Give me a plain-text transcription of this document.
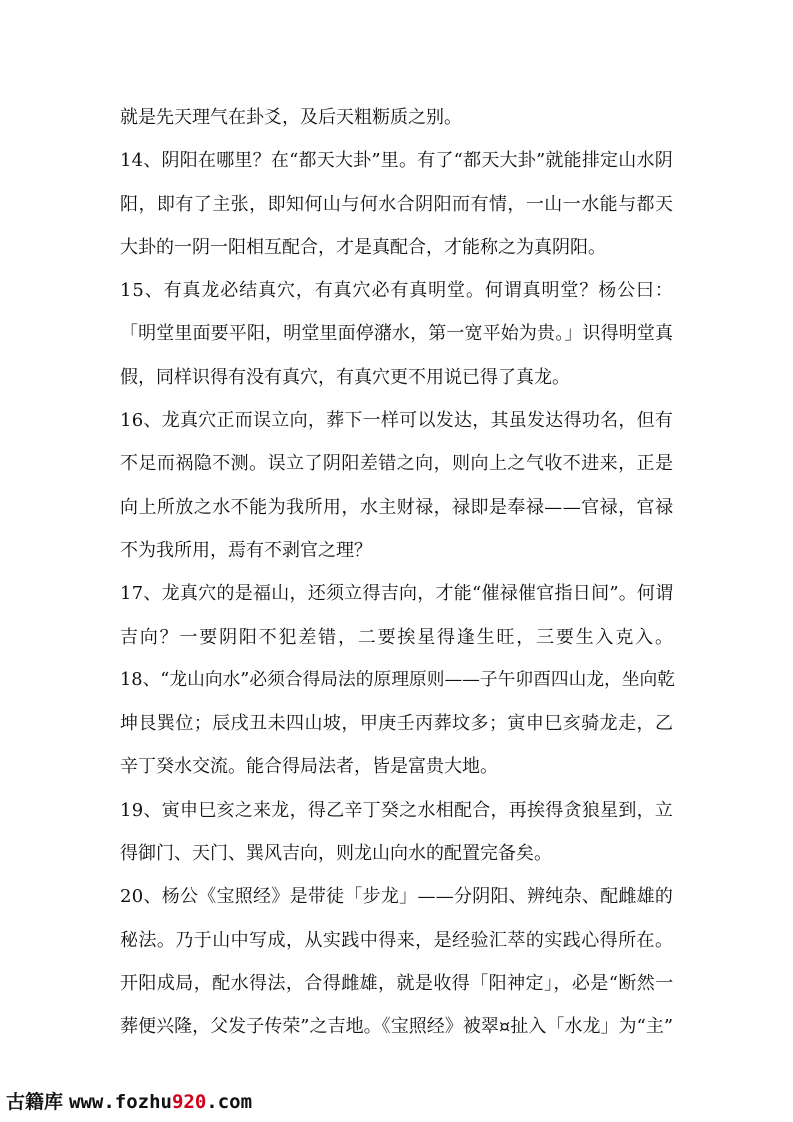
就是先天理气在卦爻，及后天粗粝质之别。
14、阴阳在哪里？在“都天大卦”里。有了“都天大卦”就能排定山水阴
阳，即有了主张，即知何山与何水合阴阳而有情，一山一水能与都天
大卦的一阴一阳相互配合，才是真配合，才能称之为真阴阳。
15、有真龙必结真穴，有真穴必有真明堂。何谓真明堂？杨公曰：
「明堂里面要平阳，明堂里面停潴水，第一宽平始为贵。」识得明堂真
假，同样识得有没有真穴，有真穴更不用说已得了真龙。
16、龙真穴正而误立向，葬下一样可以发达，其虽发达得功名，但有
不足而祸隐不测。误立了阴阳差错之向，则向上之气收不进来，正是
向上所放之水不能为我所用，水主财禄，禄即是奉禄——官禄，官禄
不为我所用，焉有不剥官之理？
17、龙真穴的是福山，还须立得吉向，才能“催禄催官指日间”。何谓
吉向？一要阴阳不犯差错，二要挨星得逢生旺，三要生入克入。
18、“龙山向水”必须合得局法的原理原则——子午卯酉四山龙，坐向乾
坤艮巽位；辰戌丑未四山坡，甲庚壬丙葬坟多；寅申巳亥骑龙走，乙
辛丁癸水交流。能合得局法者，皆是富贵大地。
19、寅申巳亥之来龙，得乙辛丁癸之水相配合，再挨得贪狼星到，立
得御门、天门、巽风吉向，则龙山向水的配置完备矣。
20、杨公《宝照经》是带徒「步龙」——分阴阳、辨纯杂、配雌雄的
秘法。乃于山中写成，从实践中得来，是经验汇萃的实践心得所在。
开阳成局，配水得法，合得雌雄，就是收得「阳神定」，必是“断然一
葬便兴隆，父发子传荣”之吉地。《宝照经》被翠¤扯入「水龙」为“主”
古籍库 www.fozhu920.com
